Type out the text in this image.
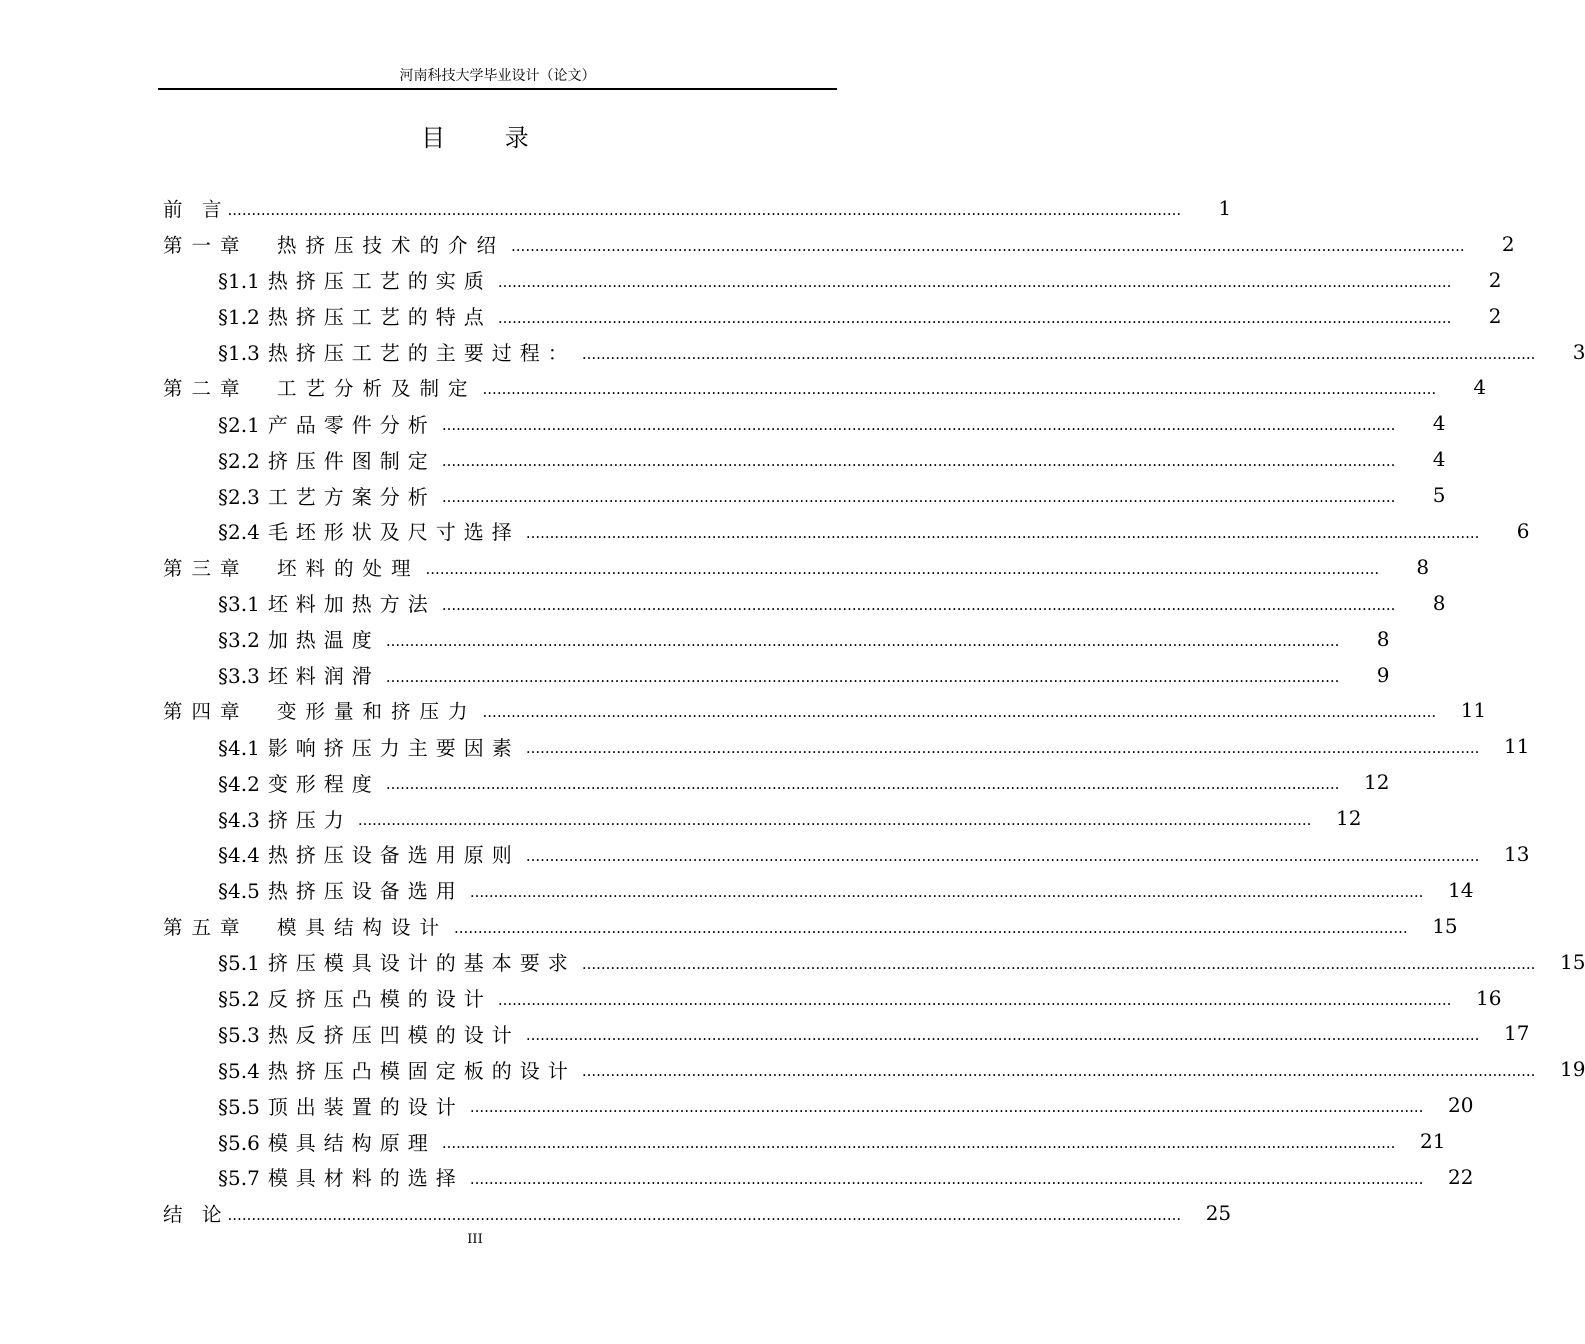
河南科技大学毕业设计（论文）
目 录
前　言 ........................................................................................................................................................................................................	1
第一章　热挤压技术的介绍 ........................................................................................................................................................................................................	2
§1.1 热挤压工艺的实质 ........................................................................................................................................................................................................	2
§1.2 热挤压工艺的特点 ........................................................................................................................................................................................................	2
§1.3 热挤压工艺的主要过程： ........................................................................................................................................................................................................	3
第二章　工艺分析及制定 ........................................................................................................................................................................................................	4
§2.1 产品零件分析 ........................................................................................................................................................................................................	4
§2.2 挤压件图制定 ........................................................................................................................................................................................................	4
§2.3 工艺方案分析 ........................................................................................................................................................................................................	5
§2.4 毛坯形状及尺寸选择 ........................................................................................................................................................................................................	6
第三章　坯料的处理 ........................................................................................................................................................................................................	8
§3.1 坯料加热方法 ........................................................................................................................................................................................................	8
§3.2 加热温度 ........................................................................................................................................................................................................	8
§3.3 坯料润滑 ........................................................................................................................................................................................................	9
第四章　变形量和挤压力 ........................................................................................................................................................................................................	11
§4.1 影响挤压力主要因素 ........................................................................................................................................................................................................	11
§4.2 变形程度 ........................................................................................................................................................................................................	12
§4.3 挤压力 ........................................................................................................................................................................................................	12
§4.4 热挤压设备选用原则 ........................................................................................................................................................................................................	13
§4.5 热挤压设备选用 ........................................................................................................................................................................................................	14
第五章　模具结构设计 ........................................................................................................................................................................................................	15
§5.1 挤压模具设计的基本要求 ........................................................................................................................................................................................................	15
§5.2 反挤压凸模的设计 ........................................................................................................................................................................................................	16
§5.3 热反挤压凹模的设计 ........................................................................................................................................................................................................	17
§5.4 热挤压凸模固定板的设计 ........................................................................................................................................................................................................	19
§5.5 顶出装置的设计 ........................................................................................................................................................................................................	20
§5.6 模具结构原理 ........................................................................................................................................................................................................	21
§5.7 模具材料的选择 ........................................................................................................................................................................................................	22
结　论 ........................................................................................................................................................................................................	25
III
